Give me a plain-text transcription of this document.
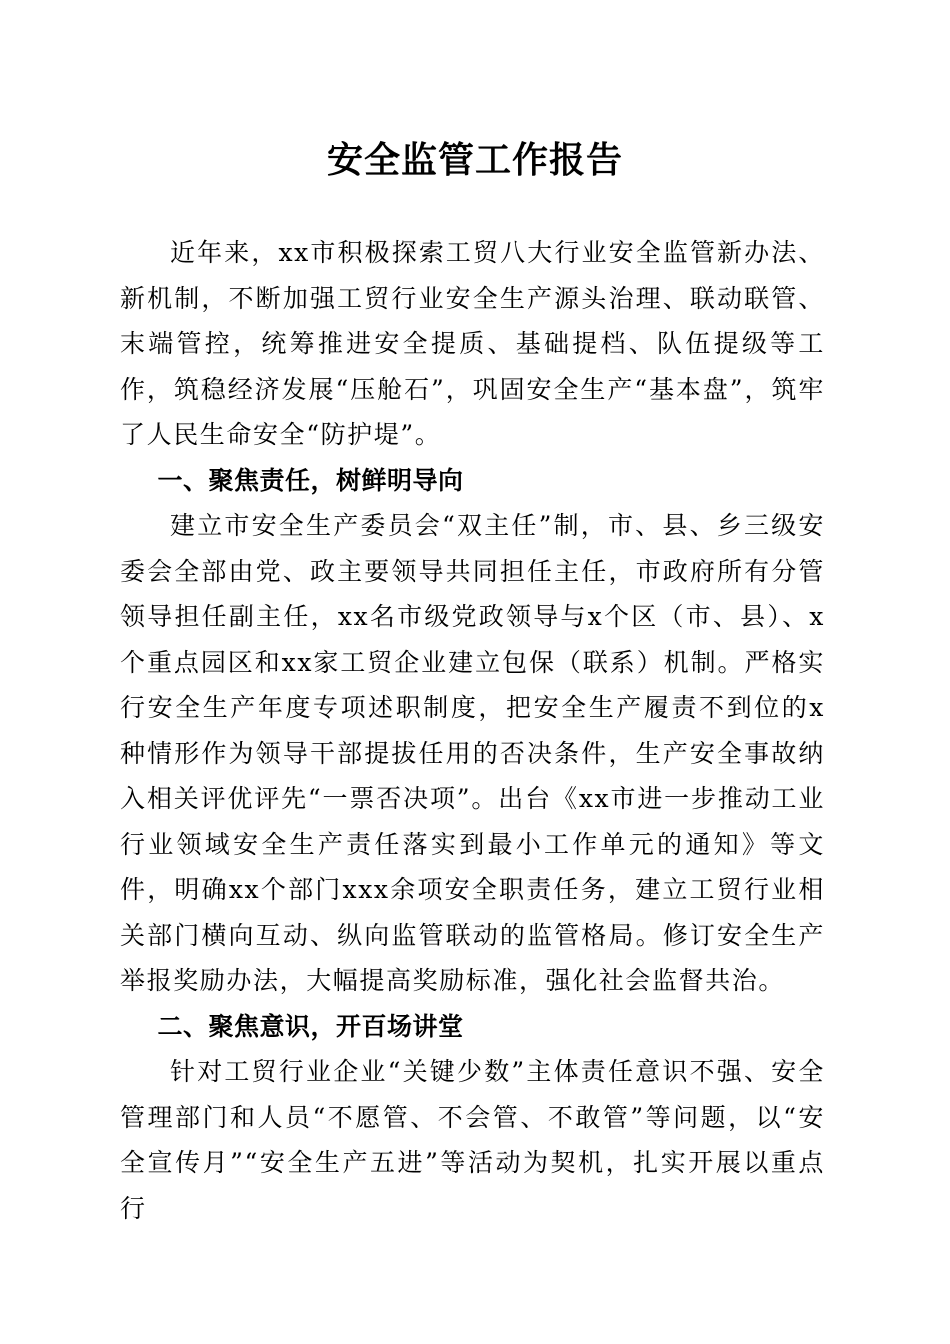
安全监管工作报告

近年来，xx市积极探索工贸八大行业安全监管新办法、新机制，不断加强工贸行业安全生产源头治理、联动联管、末端管控，统筹推进安全提质、基础提档、队伍提级等工作，筑稳经济发展“压舱石”，巩固安全生产“基本盘”，筑牢了人民生命安全“防护堤”。

一、聚焦责任，树鲜明导向

建立市安全生产委员会“双主任”制，市、县、乡三级安委会全部由党、政主要领导共同担任主任，市政府所有分管领导担任副主任，xx名市级党政领导与x个区（市、县）、x个重点园区和xx家工贸企业建立包保（联系）机制。严格实行安全生产年度专项述职制度，把安全生产履责不到位的x种情形作为领导干部提拔任用的否决条件，生产安全事故纳入相关评优评先“一票否决项”。出台《xx市进一步推动工业行业领域安全生产责任落实到最小工作单元的通知》等文件，明确xx个部门xxx余项安全职责任务，建立工贸行业相关部门横向互动、纵向监管联动的监管格局。修订安全生产举报奖励办法，大幅提高奖励标准，强化社会监督共治。

二、聚焦意识，开百场讲堂

针对工贸行业企业“关键少数”主体责任意识不强、安全管理部门和人员“不愿管、不会管、不敢管”等问题，以“安全宣传月”“安全生产五进”等活动为契机，扎实开展以重点行
